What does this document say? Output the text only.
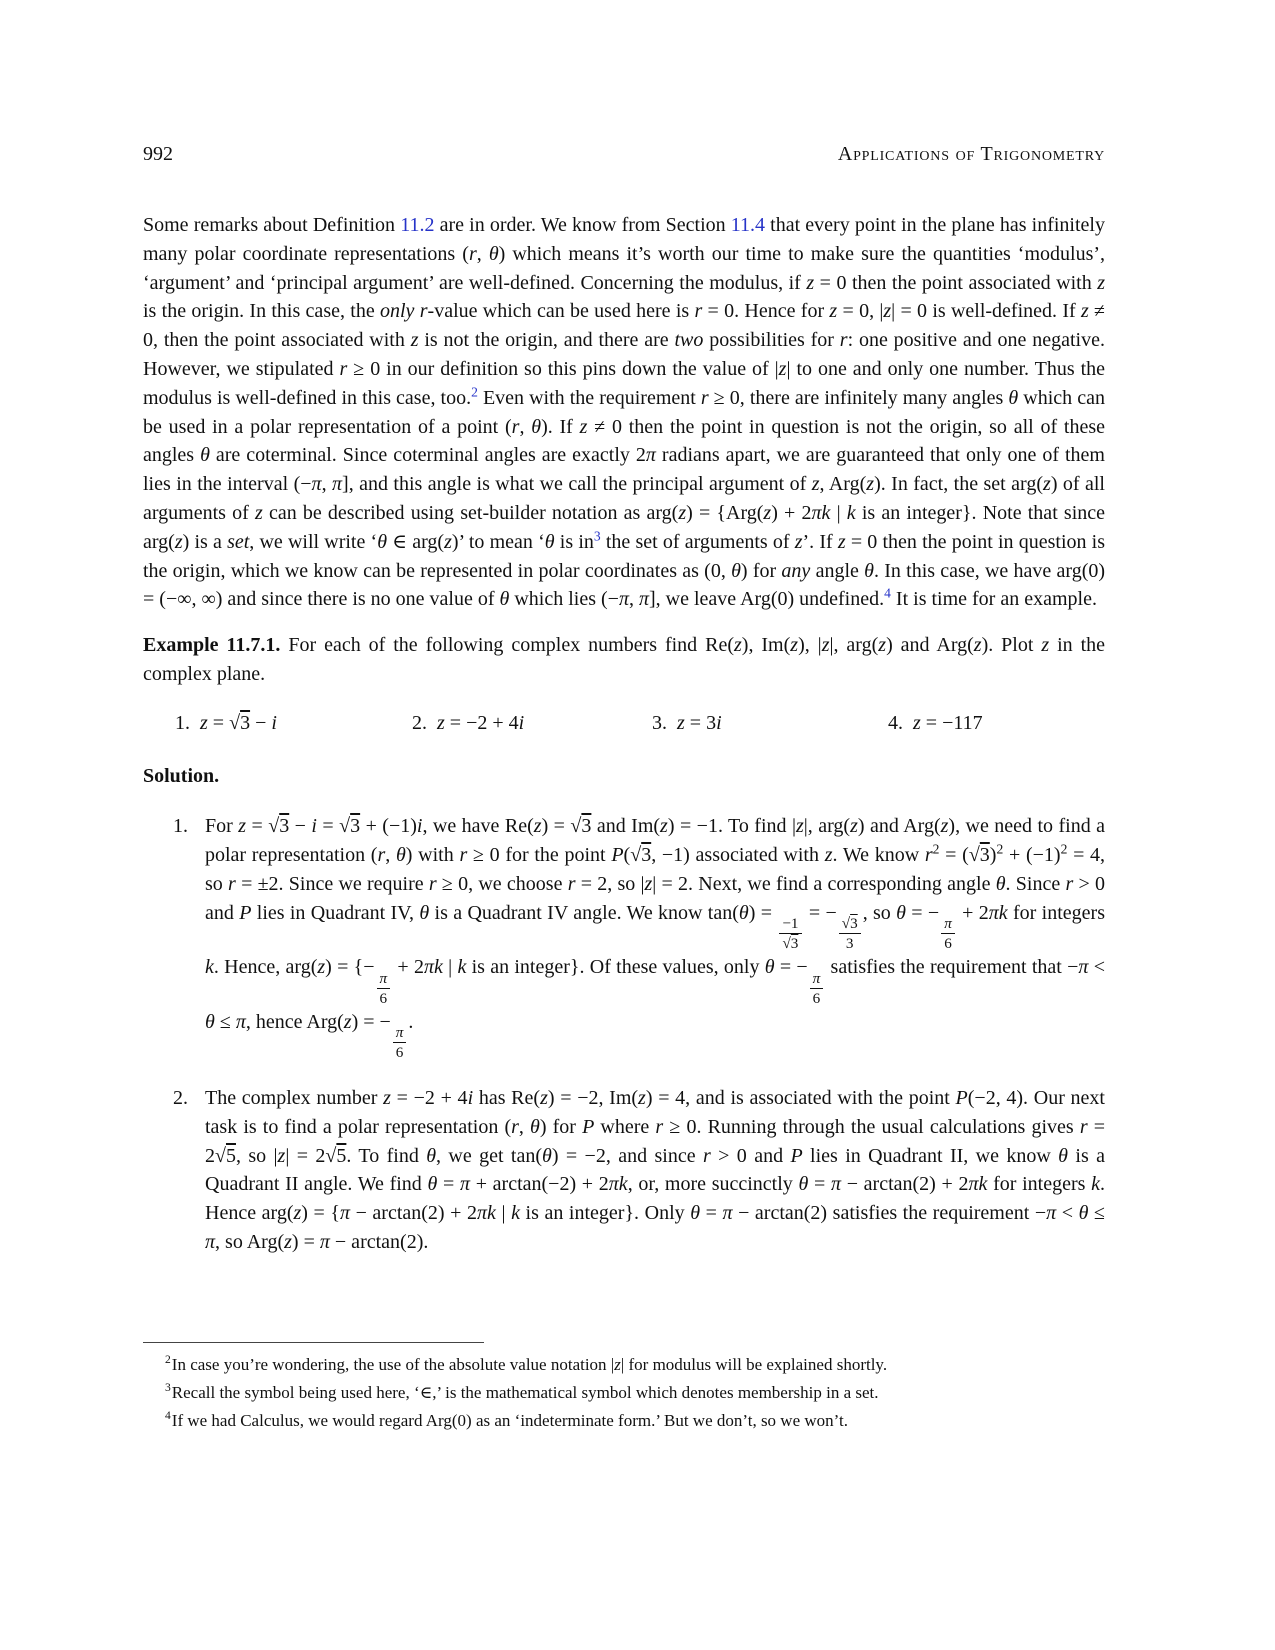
992	Applications of Trigonometry

Some remarks about Definition 11.2 are in order. We know from Section 11.4 that every point in the plane has infinitely many polar coordinate representations (r, θ) which means it’s worth our time to make sure the quantities ‘modulus’, ‘argument’ and ‘principal argument’ are well-defined. Concerning the modulus, if z = 0 then the point associated with z is the origin. In this case, the only r-value which can be used here is r = 0. Hence for z = 0, |z| = 0 is well-defined. If z ≠ 0, then the point associated with z is not the origin, and there are two possibilities for r: one positive and one negative. However, we stipulated r ≥ 0 in our definition so this pins down the value of |z| to one and only one number. Thus the modulus is well-defined in this case, too.$^2$ Even with the requirement r ≥ 0, there are infinitely many angles θ which can be used in a polar representation of a point (r, θ). If z ≠ 0 then the point in question is not the origin, so all of these angles θ are coterminal. Since coterminal angles are exactly 2π radians apart, we are guaranteed that only one of them lies in the interval (−π, π], and this angle is what we call the principal argument of z, Arg(z). In fact, the set arg(z) of all arguments of z can be described using set-builder notation as arg(z) = {Arg(z) + 2πk | k is an integer}. Note that since arg(z) is a set, we will write ‘θ ∈ arg(z)’ to mean ‘θ is in$^3$ the set of arguments of z’. If z = 0 then the point in question is the origin, which we know can be represented in polar coordinates as (0, θ) for any angle θ. In this case, we have arg(0) = (−∞, ∞) and since there is no one value of θ which lies (−π, π], we leave Arg(0) undefined.$^4$ It is time for an example.

Example 11.7.1. For each of the following complex numbers find Re(z), Im(z), |z|, arg(z) and Arg(z). Plot z in the complex plane.

1. z = √3 − i	2. z = −2 + 4i	3. z = 3i	4. z = −117

Solution.

1. For z = √3 − i = √3 + (−1)i, we have Re(z) = √3 and Im(z) = −1. To find |z|, arg(z) and Arg(z), we need to find a polar representation (r, θ) with r ≥ 0 for the point P(√3, −1) associated with z. We know $r^2 = (√3)^2 + (-1)^2 = 4$, so r = ±2. Since we require r ≥ 0, we choose r = 2, so |z| = 2. Next, we find a corresponding angle θ. Since r > 0 and P lies in Quadrant IV, θ is a Quadrant IV angle. We know tan(θ) =
$\frac{-1}{√3}$
= −
$\frac{√3}{3}$
, so θ = −
$\frac{\pi}{6}$
+ 2πk for integers k. Hence, arg(z) = {−
$\frac{\pi}{6}$
+ 2πk | k is an integer}. Of these values, only θ = −
$\frac{\pi}{6}$
satisfies the requirement that −π < θ ≤ π, hence Arg(z) = −
$\frac{\pi}{6}$
.
2. The complex number z = −2 + 4i has Re(z) = −2, Im(z) = 4, and is associated with the point P(−2, 4). Our next task is to find a polar representation (r, θ) for P where r ≥ 0. Running through the usual calculations gives r = 2√5, so |z| = 2√5. To find θ, we get tan(θ) = −2, and since r > 0 and P lies in Quadrant II, we know θ is a Quadrant II angle. We find θ = π + arctan(−2) + 2πk, or, more succinctly θ = π − arctan(2) + 2πk for integers k. Hence arg(z) = {π − arctan(2) + 2πk | k is an integer}. Only θ = π − arctan(2) satisfies the requirement −π < θ ≤ π, so Arg(z) = π − arctan(2).
$^2$In case you’re wondering, the use of the absolute value notation |z| for modulus will be explained shortly.
$^3$Recall the symbol being used here, ‘∈,’ is the mathematical symbol which denotes membership in a set.
$^4$If we had Calculus, we would regard Arg(0) as an ‘indeterminate form.’ But we don’t, so we won’t.
